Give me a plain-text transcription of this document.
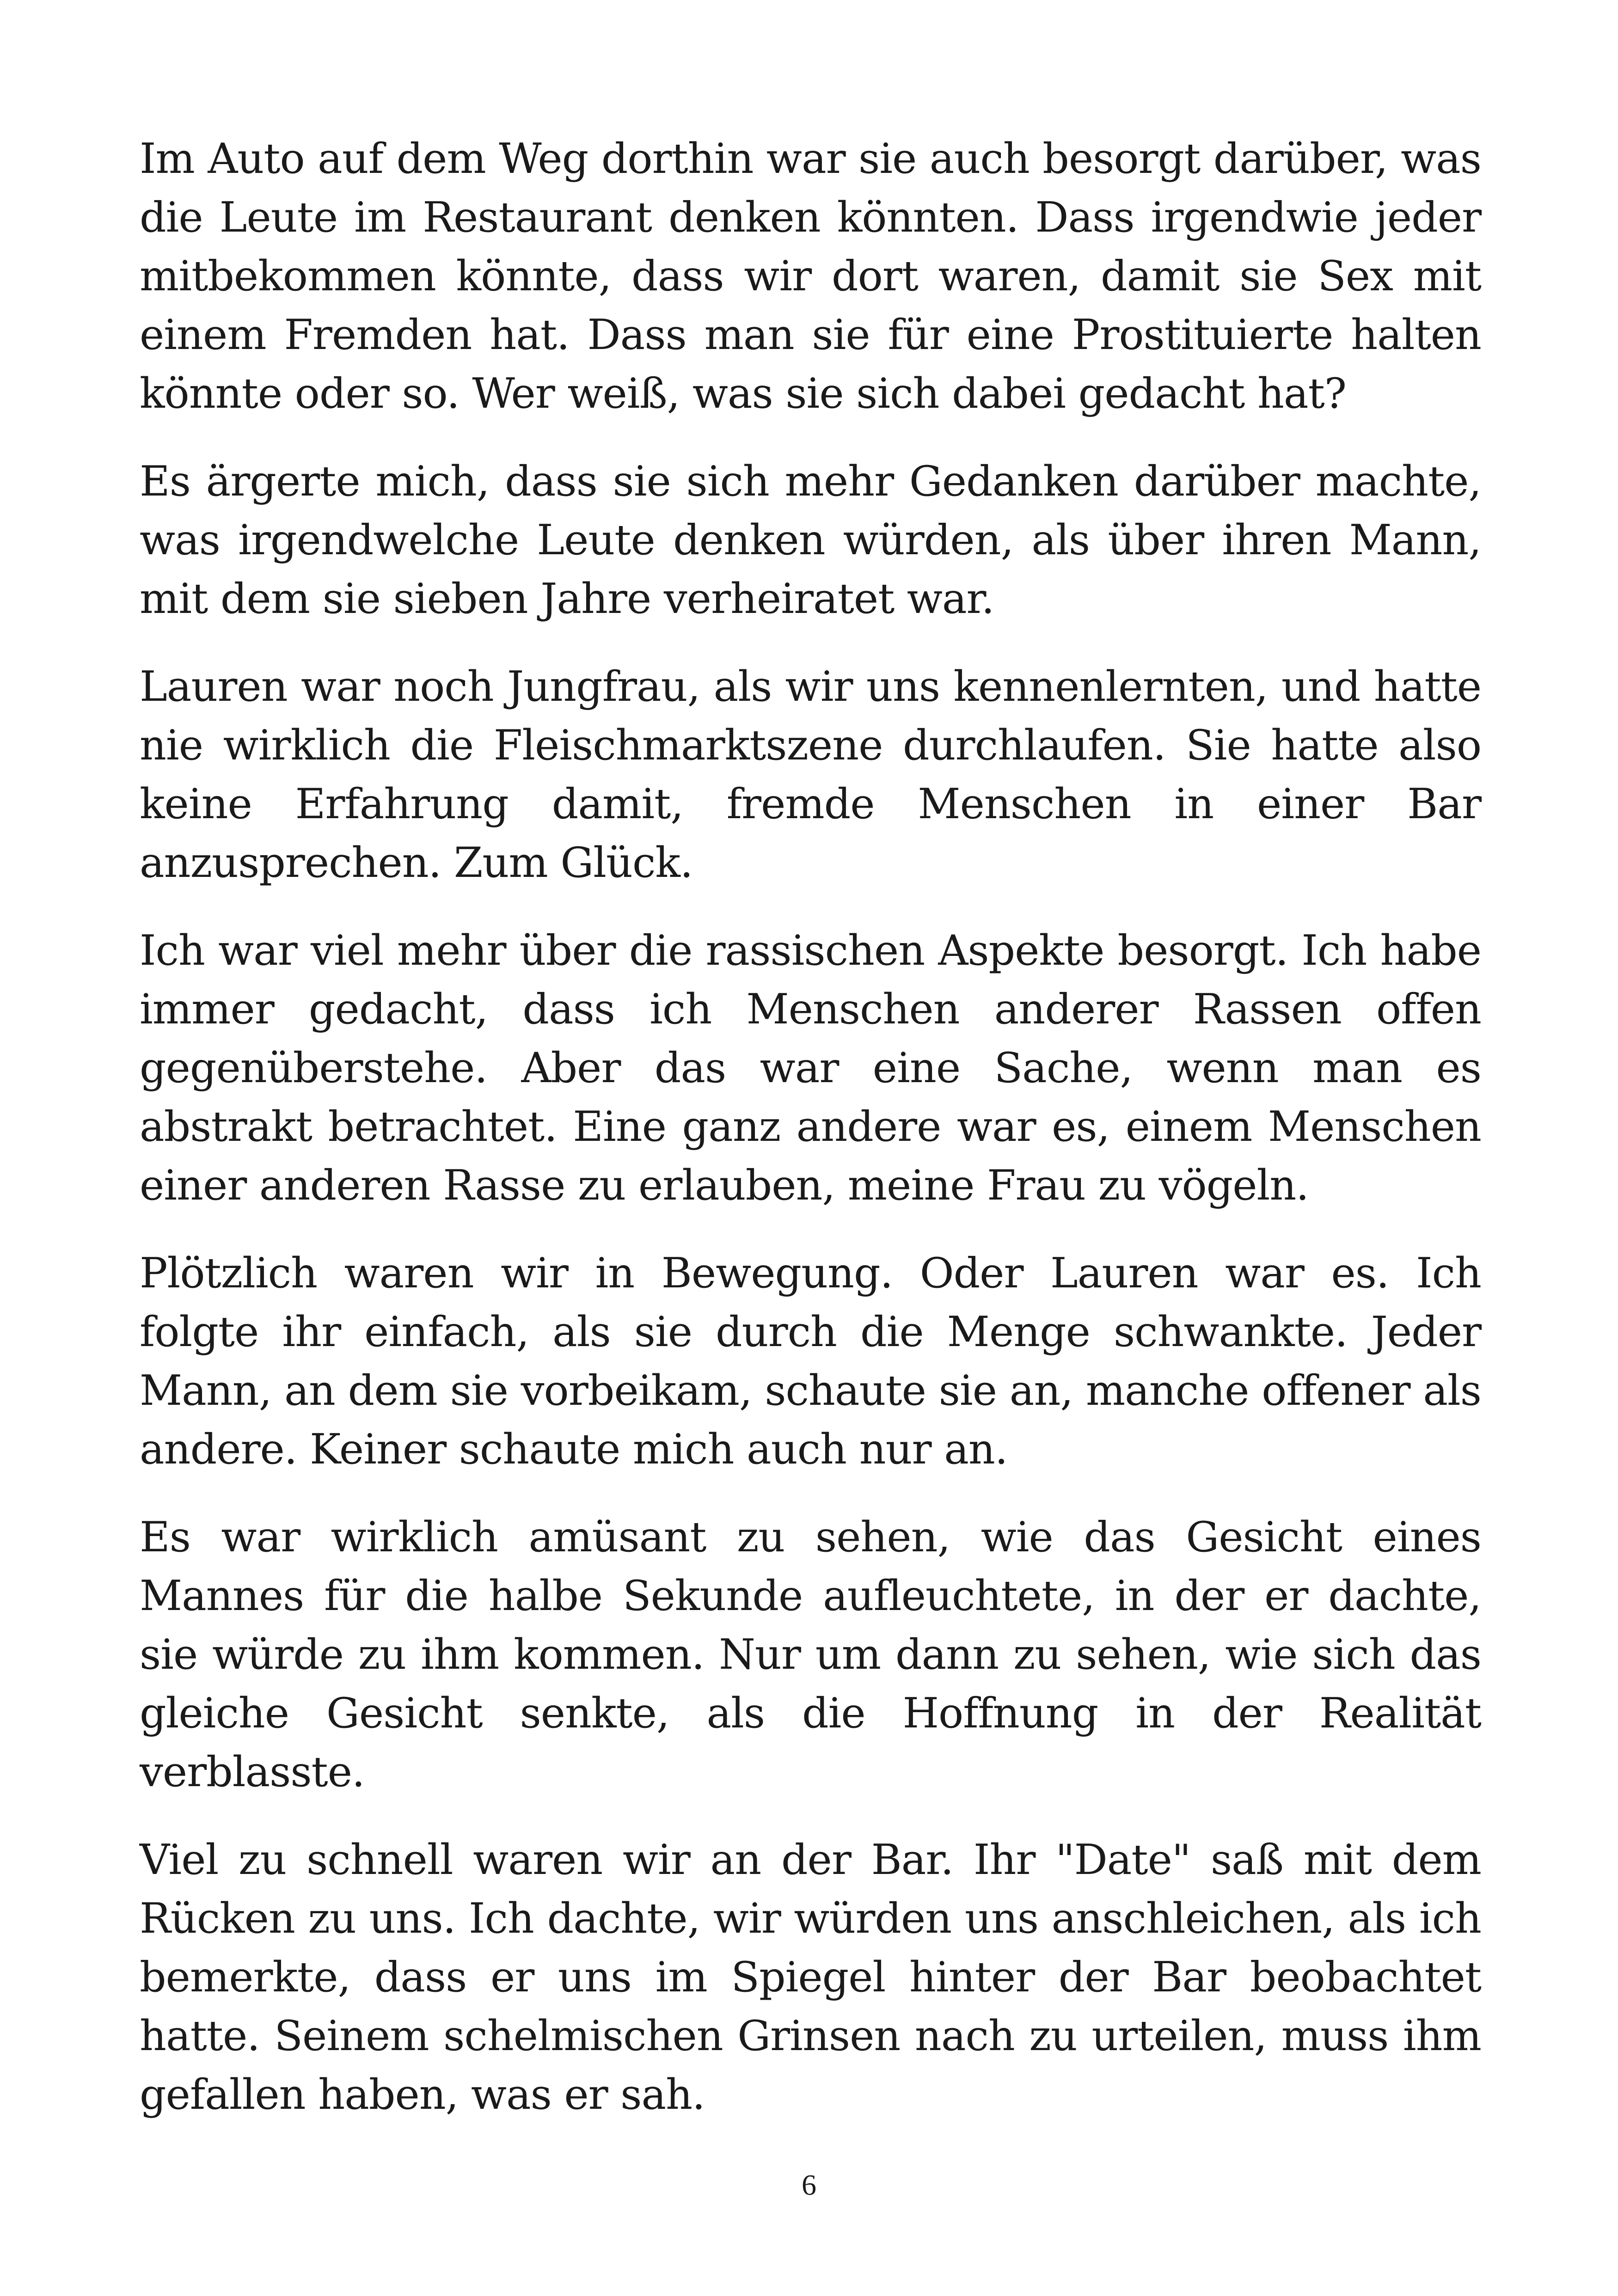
Im Auto auf dem Weg dorthin war sie auch besorgt darüber, was die Leute im Restaurant denken könnten. Dass irgendwie jeder mitbekommen könnte, dass wir dort waren, damit sie Sex mit einem Fremden hat. Dass man sie für eine Prostituierte halten könnte oder so. Wer weiß, was sie sich dabei gedacht hat?

Es ärgerte mich, dass sie sich mehr Gedanken darüber machte, was irgendwelche Leute denken würden, als über ihren Mann, mit dem sie sieben Jahre verheiratet war.

Lauren war noch Jungfrau, als wir uns kennenlernten, und hatte nie wirklich die Fleischmarktszene durchlaufen. Sie hatte also keine Erfahrung damit, fremde Menschen in einer Bar anzusprechen. Zum Glück.

Ich war viel mehr über die rassischen Aspekte besorgt. Ich habe immer gedacht, dass ich Menschen anderer Rassen offen gegenüberstehe. Aber das war eine Sache, wenn man es abstrakt betrachtet. Eine ganz andere war es, einem Menschen einer anderen Rasse zu erlauben, meine Frau zu vögeln.

Plötzlich waren wir in Bewegung. Oder Lauren war es. Ich folgte ihr einfach, als sie durch die Menge schwankte. Jeder Mann, an dem sie vorbeikam, schaute sie an, manche offener als andere. Keiner schaute mich auch nur an.

Es war wirklich amüsant zu sehen, wie das Gesicht eines Mannes für die halbe Sekunde aufleuchtete, in der er dachte, sie würde zu ihm kommen. Nur um dann zu sehen, wie sich das gleiche Gesicht senkte, als die Hoffnung in der Realität verblasste.

Viel zu schnell waren wir an der Bar. Ihr "Date" saß mit dem Rücken zu uns. Ich dachte, wir würden uns anschleichen, als ich bemerkte, dass er uns im Spiegel hinter der Bar beobachtet hatte. Seinem schelmischen Grinsen nach zu urteilen, muss ihm gefallen haben, was er sah.

6
